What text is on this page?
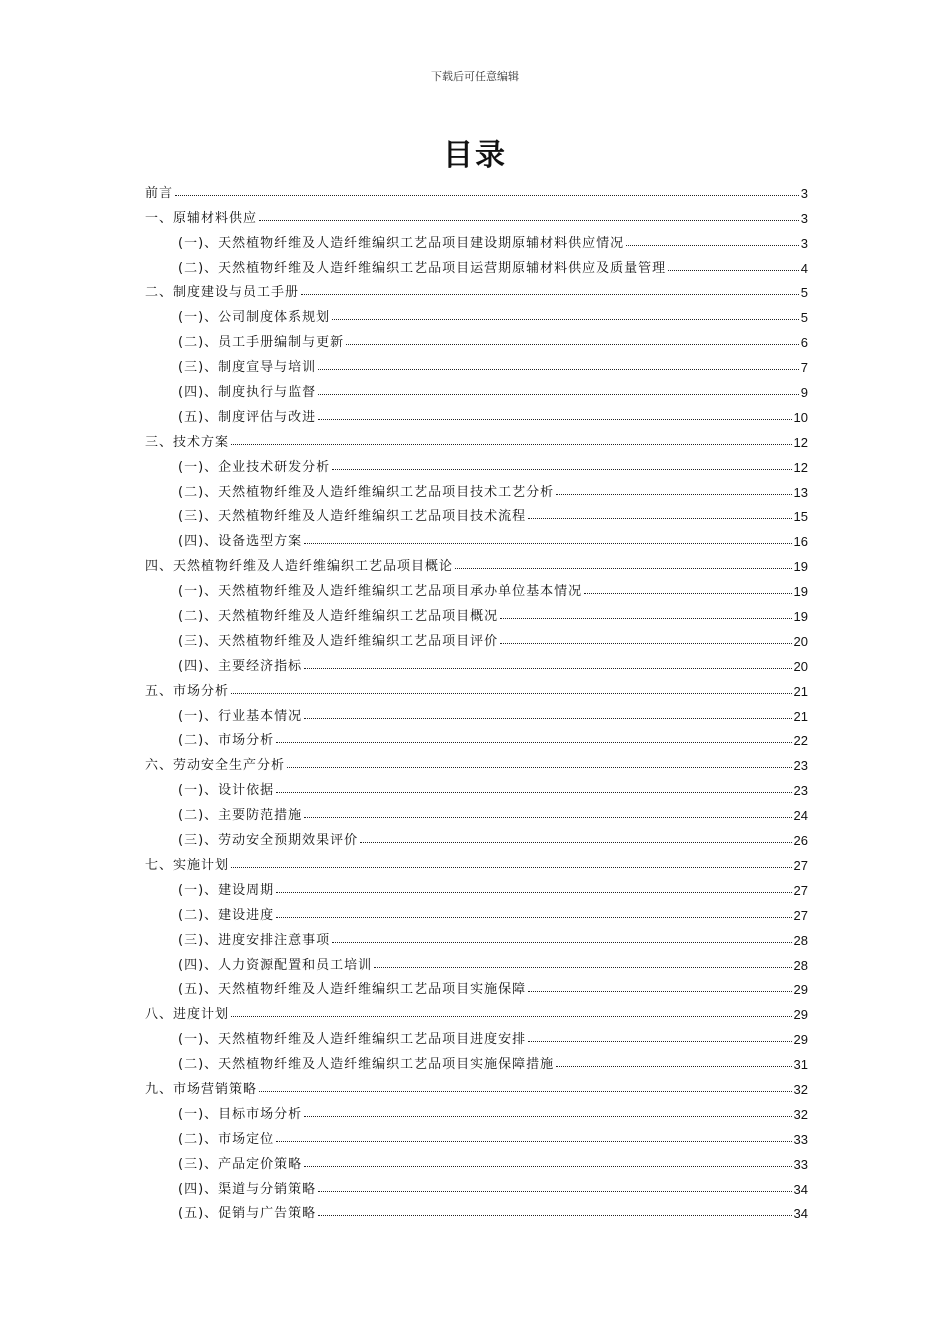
下载后可任意编辑
目录
前言	3
一、原辅材料供应	3
(一)、天然植物纤维及人造纤维编织工艺品项目建设期原辅材料供应情况	3
(二)、天然植物纤维及人造纤维编织工艺品项目运营期原辅材料供应及质量管理	4
二、制度建设与员工手册	5
(一)、公司制度体系规划	5
(二)、员工手册编制与更新	6
(三)、制度宣导与培训	7
(四)、制度执行与监督	9
(五)、制度评估与改进	10
三、技术方案	12
(一)、企业技术研发分析	12
(二)、天然植物纤维及人造纤维编织工艺品项目技术工艺分析	13
(三)、天然植物纤维及人造纤维编织工艺品项目技术流程	15
(四)、设备选型方案	16
四、天然植物纤维及人造纤维编织工艺品项目概论	19
(一)、天然植物纤维及人造纤维编织工艺品项目承办单位基本情况	19
(二)、天然植物纤维及人造纤维编织工艺品项目概况	19
(三)、天然植物纤维及人造纤维编织工艺品项目评价	20
(四)、主要经济指标	20
五、市场分析	21
(一)、行业基本情况	21
(二)、市场分析	22
六、劳动安全生产分析	23
(一)、设计依据	23
(二)、主要防范措施	24
(三)、劳动安全预期效果评价	26
七、实施计划	27
(一)、建设周期	27
(二)、建设进度	27
(三)、进度安排注意事项	28
(四)、人力资源配置和员工培训	28
(五)、天然植物纤维及人造纤维编织工艺品项目实施保障	29
八、进度计划	29
(一)、天然植物纤维及人造纤维编织工艺品项目进度安排	29
(二)、天然植物纤维及人造纤维编织工艺品项目实施保障措施	31
九、市场营销策略	32
(一)、目标市场分析	32
(二)、市场定位	33
(三)、产品定价策略	33
(四)、渠道与分销策略	34
(五)、促销与广告策略	34
